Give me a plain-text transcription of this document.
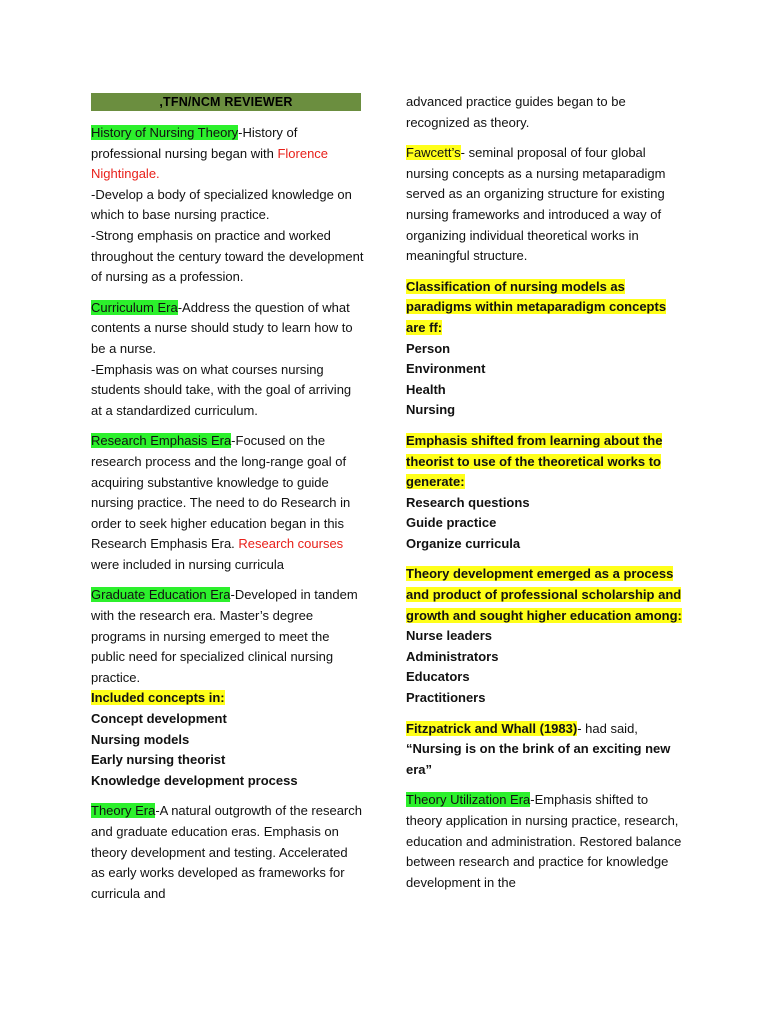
,TFN/NCM REVIEWER
History of Nursing Theory-History of professional nursing began with Florence Nightingale.
-Develop a body of specialized knowledge on which to base nursing practice.
-Strong emphasis on practice and worked throughout the century toward the development of nursing as a profession.
Curriculum Era-Address the question of what contents a nurse should study to learn how to be a nurse.
-Emphasis was on what courses nursing students should take, with the goal of arriving at a standardized curriculum.
Research Emphasis Era-Focused on the research process and the long-range goal of acquiring substantive knowledge to guide nursing practice. The need to do Research in order to seek higher education began in this Research Emphasis Era. Research courses were included in nursing curricula
Graduate Education Era-Developed in tandem with the research era. Master’s degree programs in nursing emerged to meet the public need for specialized clinical nursing practice.
Included concepts in:
Concept development
Nursing models
Early nursing theorist
Knowledge development process
Theory Era-A natural outgrowth of the research and graduate education eras. Emphasis on theory development and testing. Accelerated as early works developed as frameworks for curricula and
advanced practice guides began to be recognized as theory.
Fawcett’s- seminal proposal of four global nursing concepts as a nursing metaparadigm served as an organizing structure for existing nursing frameworks and introduced a way of organizing individual theoretical works in meaningful structure.
Classification of nursing models as paradigms within metaparadigm concepts are ff:
Person
Environment
Health
Nursing
Emphasis shifted from learning about the theorist to use of the theoretical works to generate:
Research questions
Guide practice
Organize curricula
Theory development emerged as a process and product of professional scholarship and growth and sought higher education among:
Nurse leaders
Administrators
Educators
Practitioners
Fitzpatrick and Whall (1983)- had said,
“Nursing is on the brink of an exciting new era”
Theory Utilization Era-Emphasis shifted to theory application in nursing practice, research, education and administration. Restored balance between research and practice for knowledge development in the
